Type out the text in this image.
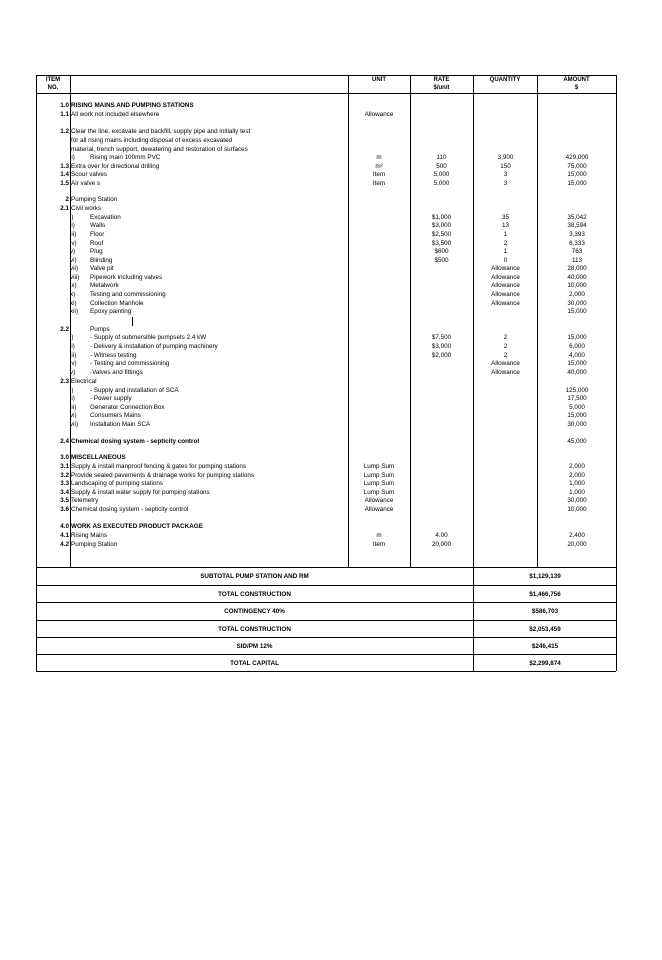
ITEM
NO.
UNIT	RATE
$/unit
QUANTITY	AMOUNT
$
1.0 RISING MAINS AND PUMPING STATIONS
1.1 All work not included elsewhere	Allowance
1.2 Clear the line, excavate and backfill, supply pipe and initially test
for all rising mains including disposal of excess excavated
material, trench support, dewatering and restoration of surfaces
ii) Rising main 100mm PVC	m	110	3,900	429,000
1.3 Extra over for directional drilling	m²	500	150	75,000
1.4 Scour valves	Item	5,000	3	15,000
1.5 Air valve s	Item	5,000	3	15,000
2 Pumping Station
2.1 Civil works
i)	Excavation	$1,000	35	35,042
ii) Walls	$3,000	13	38,594
iii) Floor	$2,500	1	3,393
iv) Roof	$3,500	2	6,333
v) Plug	$600	1	763
vi) Blinding	$500	0	113
vii) Valve pit	Allowance	28,000
viii) Pipework including valves	Allowance	40,000
ix) Metalwork	Allowance	10,000
x) Testing and commissioning	Allowance	2,000
xi) Collection Manhole	Allowance	30,000
xii) Epoxy painting	15,000
2.2	Pumps
i)	- Supply of submersible pumpsets 2.4 kW	$7,500	2	15,000
ii) - Delivery & installation of pumping machinery	$3,000	2	6,000
iii) - Witness testing	$2,000	2	4,000
iv) - Testing and commissioning	Allowance	15,000
v) -Valves and fittings	Allowance	40,000
2.3 Electrical
i)	- Supply and installation of SCA	125,000
ii) - Power supply	17,500
iii) Generator Connection Box	5,000
vi) Consumers Mains	15,000
vii) Installation Main SCA	30,000
2.4 Chemical dosing system - septicity control	45,000
3.0 MISCELLANEOUS
3.1 Supply & install manproof fencing & gates for pumping stations	Lump Sum	2,000
3.2 Provide sealed pavements & drainage works for pumping stations	Lump Sum	2,000
3.3 Landscaping of pumping stations	Lump Sum	1,000
3.4 Supply & install water supply for pumping stations	Lump Sum	1,000
3.5 Telemetry	Allowance	30,000
3.6 Chemical dosing system - septicity control	Allowance	10,000
4.0 WORK AS EXECUTED PRODUCT PACKAGE
4.1 Rising Mains	m	4.00	2,400
4.2 Pumping Station	Item	20,000	20,000
SUBTOTAL PUMP STATION AND RM	$1,129,139
TOTAL CONSTRUCTION	$1,466,756
CONTINGENCY 40%	$586,703
TOTAL CONSTRUCTION	$2,053,459
SID/PM 12%	$246,415
TOTAL CAPITAL	$2,299,874
